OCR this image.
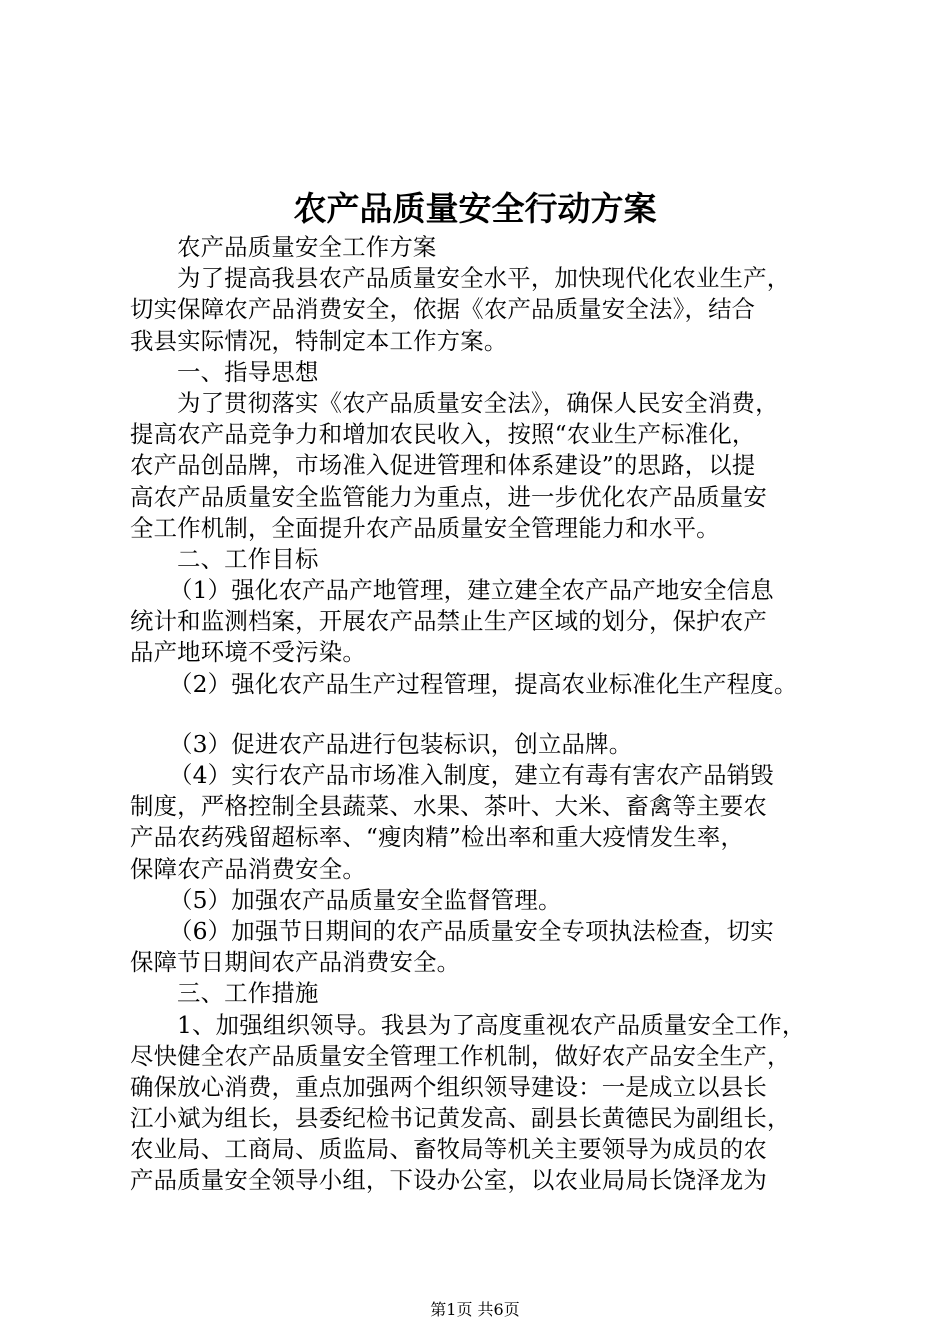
农产品质量安全行动方案
农产品质量安全工作方案
为了提高我县农产品质量安全水平，加快现代化农业生产，
切实保障农产品消费安全，依据《农产品质量安全法》，结合
我县实际情况，特制定本工作方案。
一、指导思想
为了贯彻落实《农产品质量安全法》，确保人民安全消费，
提高农产品竞争力和增加农民收入，按照“农业生产标准化，
农产品创品牌，市场准入促进管理和体系建设”的思路，以提
高农产品质量安全监管能力为重点，进一步优化农产品质量安
全工作机制，全面提升农产品质量安全管理能力和水平。
二、工作目标
（1）强化农产品产地管理，建立建全农产品产地安全信息
统计和监测档案，开展农产品禁止生产区域的划分，保护农产
品产地环境不受污染。
（2）强化农产品生产过程管理，提高农业标准化生产程度。
（3）促进农产品进行包装标识，创立品牌。
（4）实行农产品市场准入制度，建立有毒有害农产品销毁
制度，严格控制全县蔬菜、水果、茶叶、大米、畜禽等主要农
产品农药残留超标率、“瘦肉精”检出率和重大疫情发生率，
保障农产品消费安全。
（5）加强农产品质量安全监督管理。
（6）加强节日期间的农产品质量安全专项执法检查，切实
保障节日期间农产品消费安全。
三、工作措施
1、加强组织领导。我县为了高度重视农产品质量安全工作，
尽快健全农产品质量安全管理工作机制，做好农产品安全生产，
确保放心消费，重点加强两个组织领导建设：一是成立以县长
江小斌为组长，县委纪检书记黄发高、副县长黄德民为副组长，
农业局、工商局、质监局、畜牧局等机关主要领导为成员的农
产品质量安全领导小组，下设办公室，以农业局局长饶泽龙为
第1页 共6页
